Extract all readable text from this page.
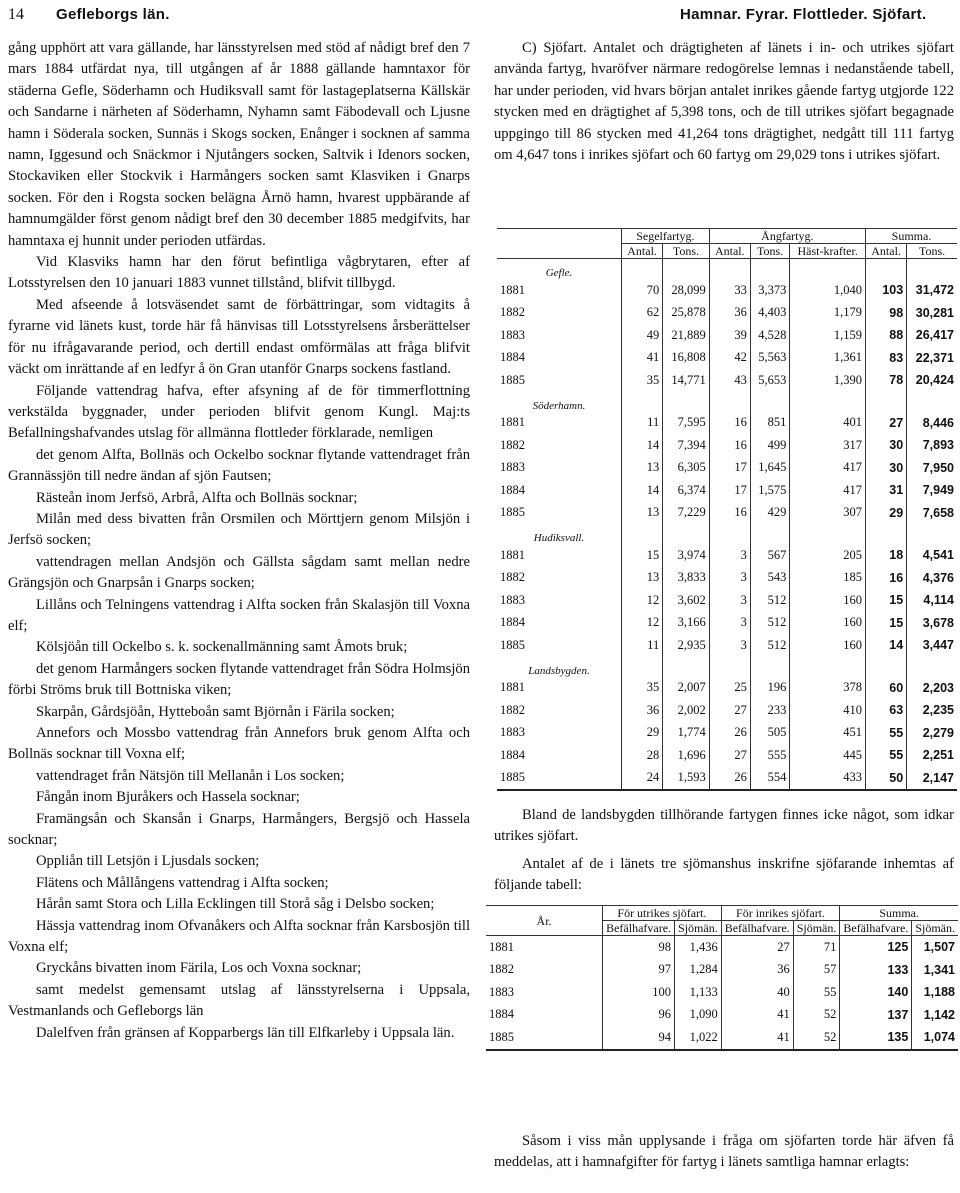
14 Gefleborgs län.	Hamnar. Fyrar. Flottleder. Sjöfart.

gång upphört att vara gällande, har länsstyrelsen med stöd af nådigt bref den 7 mars 1884 utfärdat nya, till utgången af år 1888 gällande hamntaxor för städerna Gefle, Söderhamn och Hudiksvall samt för lastageplatserna Källskär och Sandarne i närheten af Söderhamn, Nyhamn samt Fäbodevall och Ljusne hamn i Söderala socken, Sunnäs i Skogs socken, Enånger i socknen af samma namn, Iggesund och Snäckmor i Njutångers socken, Saltvik i Idenors socken, Stockaviken eller Stockvik i Harmångers socken samt Klasviken i Gnarps socken. För den i Rogsta socken belägna Årnö hamn, hvarest uppbärande af hamnumgälder först genom nådigt bref den 30 december 1885 medgifvits, har hamntaxa ej hunnit under perioden utfärdas.

Vid Klasviks hamn har den förut befintliga vågbrytaren, efter af Lotsstyrelsen den 10 januari 1883 vunnet tillstånd, blifvit tillbygd.

Med afseende å lotsväsendet samt de förbättringar, som vidtagits å fyrarne vid länets kust, torde här få hänvisas till Lotsstyrelsens årsberättelser för nu ifrågavarande period, och dertill endast omförmälas att fråga blifvit väckt om inrättande af en ledfyr å ön Gran utanför Gnarps sockens fastland.

Följande vattendrag hafva, efter afsyning af de för timmerflottning verkstälda byggnader, under perioden blifvit genom Kungl. Maj:ts Befallningshafvandes utslag för allmänna flottleder förklarade, nemligen

det genom Alfta, Bollnäs och Ockelbo socknar flytande vattendraget från Grannässjön till nedre ändan af sjön Fautsen;

Rästeån inom Jerfsö, Arbrå, Alfta och Bollnäs socknar;

Milån med dess bivatten från Orsmilen och Mörttjern genom Milsjön i Jerfsö socken;

vattendragen mellan Andsjön och Gällsta sågdam samt mellan nedre Grängsjön och Gnarpsån i Gnarps socken;

Lillåns och Telningens vattendrag i Alfta socken från Skalasjön till Voxna elf;

Kölsjöån till Ockelbo s. k. sockenallmänning samt Åmots bruk;

det genom Harmångers socken flytande vattendraget från Södra Holmsjön förbi Ströms bruk till Bottniska viken;

Skarpån, Gårdsjöån, Hytteboån samt Björnån i Färila socken;

Annefors och Mossbo vattendrag från Annefors bruk genom Alfta och Bollnäs socknar till Voxna elf;

vattendraget från Nätsjön till Mellanån i Los socken;

Fångån inom Bjuråkers och Hassela socknar;

Framängsån och Skansån i Gnarps, Harmångers, Bergsjö och Hassela socknar;

Oppliån till Letsjön i Ljusdals socken;

Flätens och Mållångens vattendrag i Alfta socken;

Hårån samt Stora och Lilla Ecklingen till Storå såg i Delsbo socken;

Hässja vattendrag inom Ofvanåkers och Alfta socknar från Karsbosjön till Voxna elf;

Gryckåns bivatten inom Färila, Los och Voxna socknar;

samt medelst gemensamt utslag af länsstyrelserna i Uppsala, Vestmanlands och Gefleborgs län

Dalelfven från gränsen af Kopparbergs län till Elfkarleby i Uppsala län.

C) Sjöfart. Antalet och drägtigheten af länets i in- och utrikes sjöfart använda fartyg, hvaröfver närmare redogörelse lemnas i nedanstående tabell, har under perioden, vid hvars början antalet inrikes gående fartyg utgjorde 122 stycken med en drägtighet af 5,398 tons, och de till utrikes sjöfart begagnade uppgingo till 86 stycken med 41,264 tons drägtighet, nedgått till 111 fartyg om 4,647 tons i inrikes sjöfart och 60 fartyg om 29,029 tons i utrikes sjöfart.

	Segelfartyg.		Ångfartyg.			Summa.	
	Antal.	Tons.	Antal.	Tons.	Häst-krafter.	Antal.	Tons.
Gefle.							
1881	70	28,099	33	3,373	1,040	103	31,472
1882	62	25,878	36	4,403	1,179	98	30,281
1883	49	21,889	39	4,528	1,159	88	26,417
1884	41	16,808	42	5,563	1,361	83	22,371
1885	35	14,771	43	5,653	1,390	78	20,424
Söderhamn.							
1881	11	7,595	16	851	401	27	8,446
1882	14	7,394	16	499	317	30	7,893
1883	13	6,305	17	1,645	417	30	7,950
1884	14	6,374	17	1,575	417	31	7,949
1885	13	7,229	16	429	307	29	7,658
Hudiksvall.							
1881	15	3,974	3	567	205	18	4,541
1882	13	3,833	3	543	185	16	4,376
1883	12	3,602	3	512	160	15	4,114
1884	12	3,166	3	512	160	15	3,678
1885	11	2,935	3	512	160	14	3,447
Landsbygden.							
1881	35	2,007	25	196	378	60	2,203
1882	36	2,002	27	233	410	63	2,235
1883	29	1,774	26	505	451	55	2,279
1884	28	1,696	27	555	445	55	2,251
1885	24	1,593	26	554	433	50	2,147

Bland de landsbygden tillhörande fartygen finnes icke något, som idkar utrikes sjöfart.

Antalet af de i länets tre sjömanshus inskrifne sjöfarande inhemtas af följande tabell:

År.	För utrikes sjöfart.		För inrikes sjöfart.		Summa.	
	Befälhafvare.	Sjömän.	Befälhafvare.	Sjömän.	Befälhafvare.	Sjömän.
1881	98	1,436	27	71	125	1,507
1882	97	1,284	36	57	133	1,341
1883	100	1,133	40	55	140	1,188
1884	96	1,090	41	52	137	1,142
1885	94	1,022	41	52	135	1,074

Såsom i viss mån upplysande i fråga om sjöfarten torde här äfven få meddelas, att i hamnafgifter för fartyg i länets samtliga hamnar erlagts:
